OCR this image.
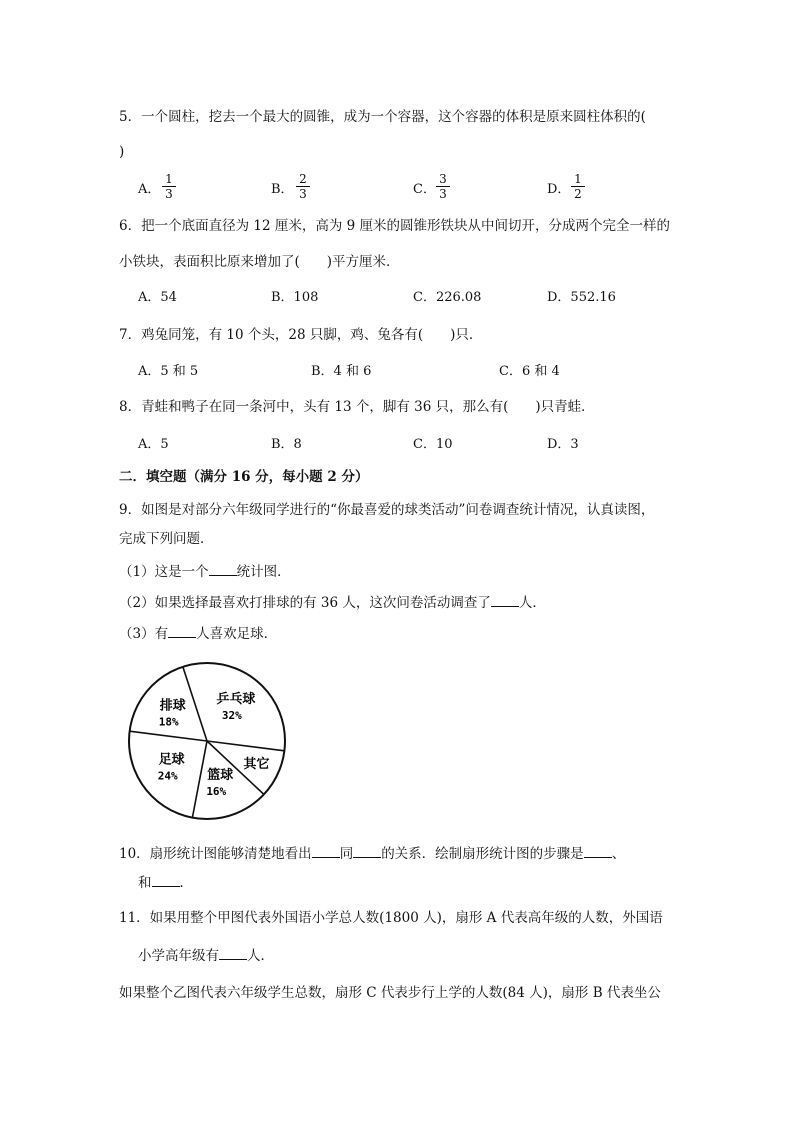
5．一个圆柱，挖去一个最大的圆锥，成为一个容器，这个容器的体积是原来圆柱体积的(
)
A． $\frac{1}{3}$	B． $\frac{2}{3}$	C． $\frac{3}{3}$	D． $\frac{1}{2}$
6．把一个底面直径为 12 厘米，高为 9 厘米的圆锥形铁块从中间切开，分成两个完全一样的
小铁块，表面积比原来增加了(　　)平方厘米．
A．54	B．108	C．226.08	D．552.16
7．鸡兔同笼，有 10 个头，28 只脚，鸡、兔各有(　　)只．
A．5 和 5	B．4 和 6	C．6 和 4
8．青蛙和鸭子在同一条河中，头有 13 个，脚有 36 只，那么有(　　)只青蛙．
A．5	B．8	C．10	D．3
二．填空题（满分 16 分，每小题 2 分）
9．如图是对部分六年级同学进行的“你最喜爱的球类活动”问卷调查统计情况，认真读图，
完成下列问题．
（1）这是一个 统计图．
（2）如果选择最喜欢打排球的有 36 人，这次问卷活动调查了 人．
（3）有 人喜欢足球．
乒乓球
32%
其它
篮球
16%
足球
24%
排球
18%
10．扇形统计图能够清楚地看出 同 的关系．绘制扇形统计图的步骤是 、
和 ．
11．如果用整个甲图代表外国语小学总人数(1800 人)，扇形 A 代表高年级的人数，外国语
小学高年级有 人．
如果整个乙图代表六年级学生总数，扇形 C 代表步行上学的人数(84 人)，扇形 B 代表坐公
